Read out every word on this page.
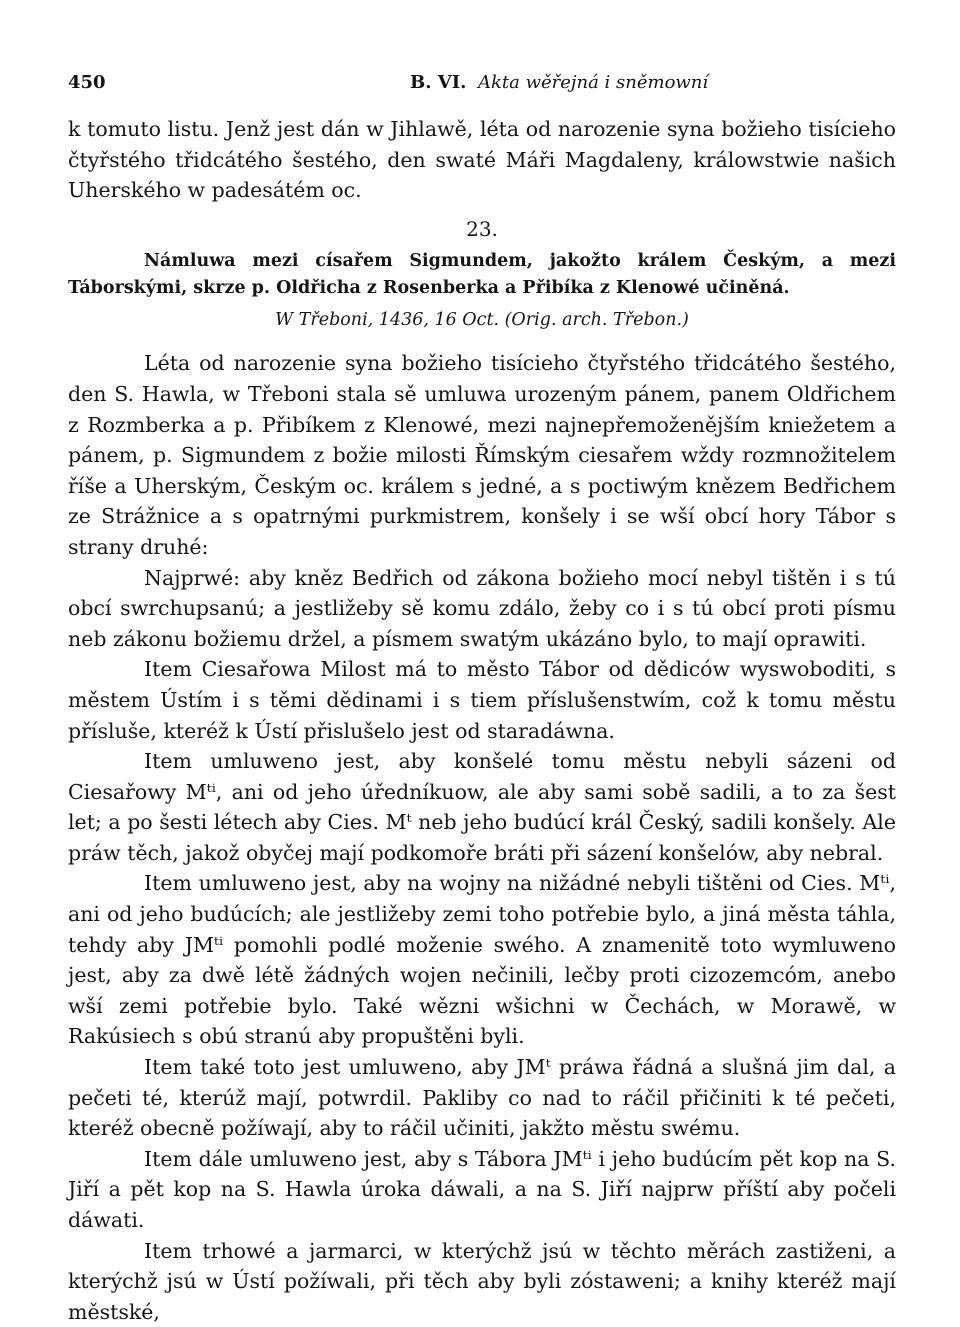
450	B. VI. Akta wěřejná i sněmowní

k tomuto listu. Jenž jest dán w Jihlawě, léta od narozenie syna božieho tisícieho čtyřstého třidcátého šestého, den swaté Máři Magdaleny, králowstwie našich Uherského w padesátém oc.

23.

Námluwa mezi císařem Sigmundem, jakožto králem Českým, a mezi Táborskými, skrze p. Oldřicha z Rosenberka a Přibíka z Klenowé učiněná.

W Třeboni, 1436, 16 Oct. (Orig. arch. Třebon.)

Léta od narozenie syna božieho tisícieho čtyřstého třidcátého šestého, den S. Hawla, w Třeboni stala sě umluwa urozeným pánem, panem Oldřichem z Rozmberka a p. Přibíkem z Klenowé, mezi najnepřemoženějším kniežetem a pánem, p. Sigmundem z božie milosti Římským ciesařem wždy rozmnožitelem říše a Uherským, Českým oc. králem s jedné, a s poctiwým knězem Bedřichem ze Strážnice a s opatrnými purkmistrem, konšely i se wší obcí hory Tábor s strany druhé:

Najprwé: aby kněz Bedřich od zákona božieho mocí nebyl tištěn i s tú obcí swrchupsanú; a jestližeby sě komu zdálo, žeby co i s tú obcí proti písmu neb zákonu božiemu držel, a písmem swatým ukázáno bylo, to mají oprawiti.

Item Ciesařowa Milost má to město Tábor od dědicόw wyswoboditi, s městem Ústím i s těmi dědinami i s tiem příslušenstwím, což k tomu městu přísluše, kteréž k Ústí přislušelo jest od staradáwna.

Item umluweno jest, aby konšelé tomu městu nebyli sázeni od Ciesařowy Mᵗⁱ, ani od jeho úředníkuow, ale aby sami sobě sadili, a to za šest let; a po šesti létech aby Cies. Mᵗ neb jeho budúcí král Český, sadili konšely. Ale práw těch, jakož obyčej mají podkomoře bráti při sázení konšelów, aby nebral.

Item umluweno jest, aby na wojny na nižádné nebyli tištěni od Cies. Mᵗⁱ, ani od jeho budúcích; ale jestližeby zemi toho potřebie bylo, a jiná města táhla, tehdy aby JMᵗⁱ pomohli podlé moženie swého. A znamenitě toto wymluweno jest, aby za dwě létě žádných wojen nečinili, lečby proti cizozemcóm, anebo wší zemi potřebie bylo. Také wězni wšichni w Čechách, w Morawě, w Rakúsiech s obú stranú aby propuštěni byli.

Item také toto jest umluweno, aby JMᵗ práwa řádná a slušná jim dal, a pečeti té, kterúž mají, potwrdil. Pakliby co nad to ráčil přičiniti k té pečeti, kteréž obecně požíwají, aby to ráčil učiniti, jakžto městu swému.

Item dále umluweno jest, aby s Tábora JMᵗⁱ i jeho budúcím pět kop na S. Jiří a pět kop na S. Hawla úroka dáwali, a na S. Jiří najprw příští aby počeli dáwati.

Item trhowé a jarmarci, w kterýchž jsú w těchto měrách zastiženi, a kterýchž jsú w Ústí požíwali, při těch aby byli zóstaweni; a knihy kteréž mají městské,
